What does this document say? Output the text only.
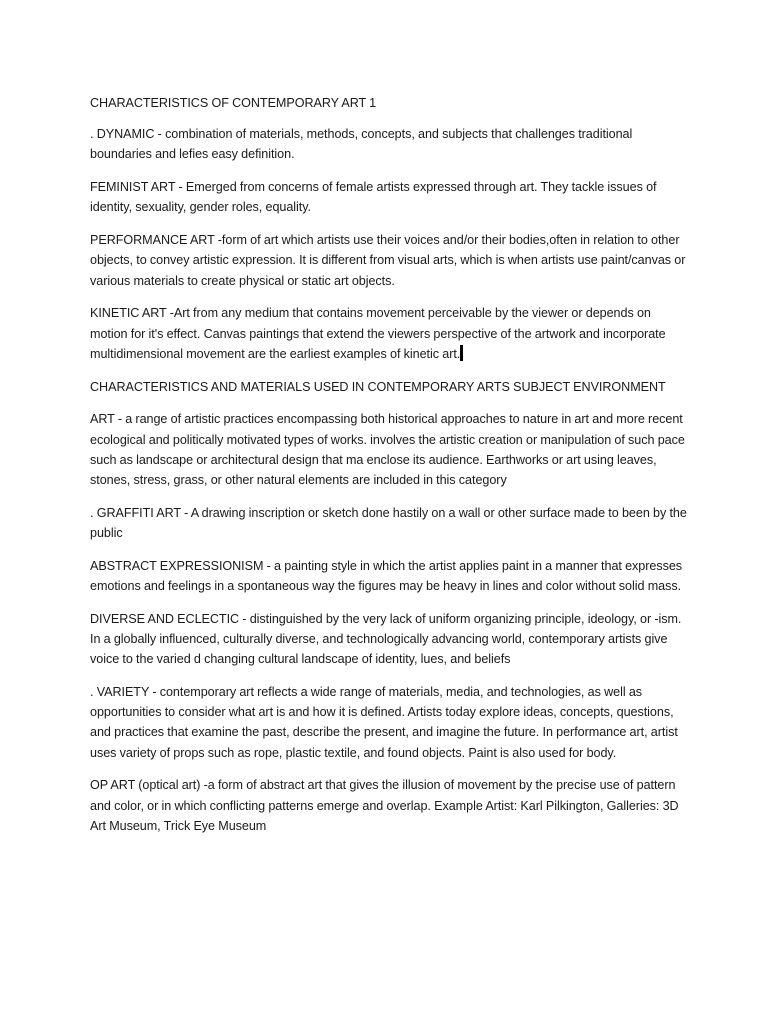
CHARACTERISTICS OF CONTEMPORARY ART 1

. DYNAMIC - combination of materials, methods, concepts, and subjects that challenges traditional boundaries and lefies easy definition.

FEMINIST ART - Emerged from concerns of female artists expressed through art. They tackle issues of identity, sexuality, gender roles, equality.

PERFORMANCE ART -form of art which artists use their voices and/or their bodies,often in relation to other objects, to convey artistic expression. It is different from visual arts, which is when artists use paint/canvas or various materials to create physical or static art objects.

KINETIC ART -Art from any medium that contains movement perceivable by the viewer or depends on motion for it's effect. Canvas paintings that extend the viewers perspective of the artwork and incorporate multidimensional movement are the earliest examples of kinetic art.

CHARACTERISTICS AND MATERIALS USED IN CONTEMPORARY ARTS SUBJECT ENVIRONMENT

ART - a range of artistic practices encompassing both historical approaches to nature in art and more recent ecological and politically motivated types of works. involves the artistic creation or manipulation of such pace such as landscape or architectural design that ma enclose its audience. Earthworks or art using leaves, stones, stress, grass, or other natural elements are included in this category

. GRAFFITI ART - A drawing inscription or sketch done hastily on a wall or other surface made to been by the public

ABSTRACT EXPRESSIONISM - a painting style in which the artist applies paint in a manner that expresses emotions and feelings in a spontaneous way the figures may be heavy in lines and color without solid mass.

DIVERSE AND ECLECTIC - distinguished by the very lack of uniform organizing principle, ideology, or -ism. In a globally influenced, culturally diverse, and technologically advancing world, contemporary artists give voice to the varied d changing cultural landscape of identity, lues, and beliefs

. VARIETY - contemporary art reflects a wide range of materials, media, and technologies, as well as opportunities to consider what art is and how it is defined. Artists today explore ideas, concepts, questions, and practices that examine the past, describe the present, and imagine the future. In performance art, artist uses variety of props such as rope, plastic textile, and found objects. Paint is also used for body.

OP ART (optical art) -a form of abstract art that gives the illusion of movement by the precise use of pattern and color, or in which conflicting patterns emerge and overlap. Example Artist: Karl Pilkington, Galleries: 3D Art Museum, Trick Eye Museum
